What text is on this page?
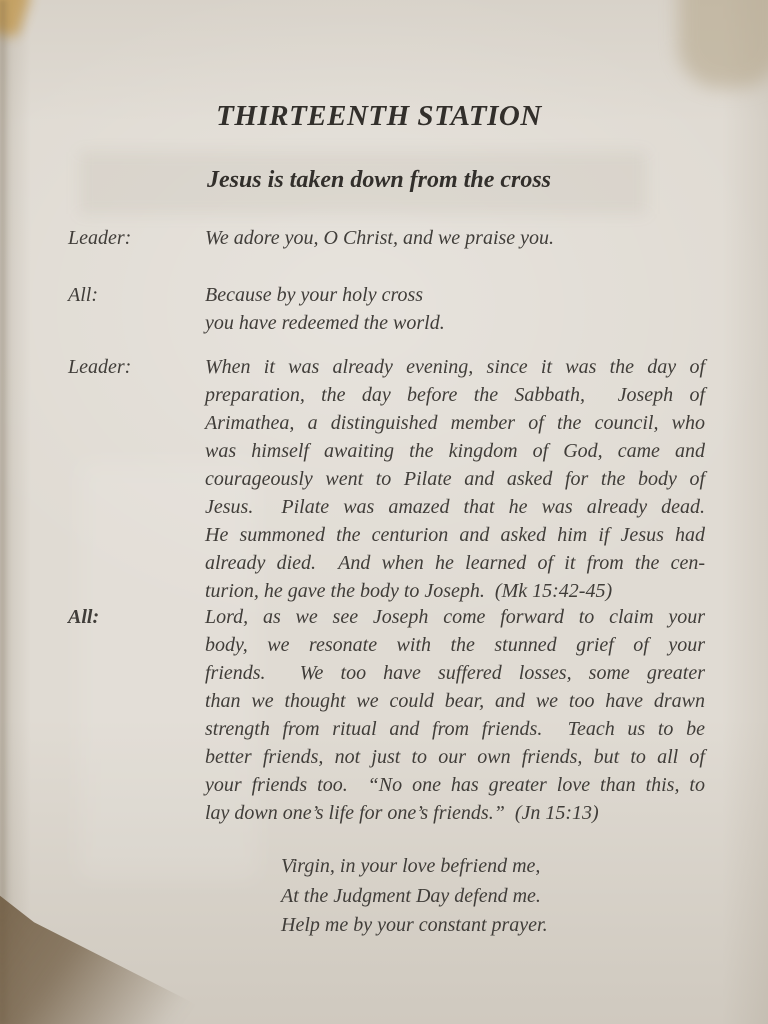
THIRTEENTH STATION
Jesus is taken down from the cross
Leader:	We adore you, O Christ, and we praise you.
All:	Because by your holy cross
you have redeemed the world.
Leader:	When it was already evening, since it was the day of
preparation, the day before the Sabbath,  Joseph of
Arimathea, a distinguished member of the council, who
was himself awaiting the kingdom of God, came and
courageously went to Pilate and asked for the body of
Jesus.  Pilate was amazed that he was already dead.
He summoned the centurion and asked him if Jesus had
already died.  And when he learned of it from the cen-
turion, he gave the body to Joseph.  (Mk 15:42-45)
All:	Lord, as we see Joseph come forward to claim your
body, we resonate with the stunned grief of your
friends.  We too have suffered losses, some greater
than we thought we could bear, and we too have drawn
strength from ritual and from friends.  Teach us to be
better friends, not just to our own friends, but to all of
your friends too.  “No one has greater love than this, to
lay down one’s life for one’s friends.”  (Jn 15:13)
Virgin, in your love befriend me,
At the Judgment Day defend me.
Help me by your constant prayer.
